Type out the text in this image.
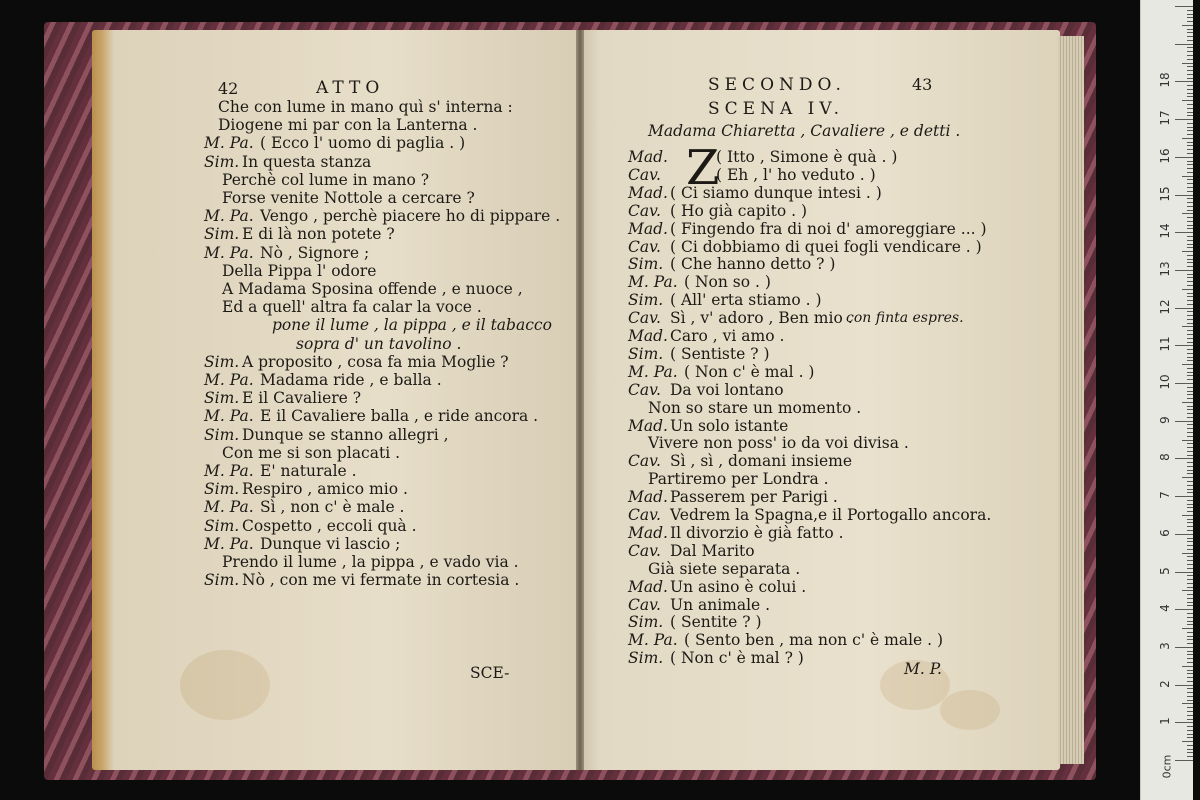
42	ATTO
Che con lume in mano quì s' interna :
Diogene mi par con la Lanterna .
M. Pa. ( Ecco l' uomo di paglia . )
Sim. In questa stanza
Perchè col lume in mano ?
Forse venite Nottole a cercare ?
M. Pa. Vengo , perchè piacere ho di pippare .
Sim. E di là non potete ?
M. Pa. Nò , Signore ;
Della Pippa l' odore
A Madama Sposina offende , e nuoce ,
Ed a quell' altra fa calar la voce .
pone il lume , la pippa , e il tabacco
sopra d' un tavolino .
Sim. A proposito , cosa fa mia Moglie ?
M. Pa. Madama ride , e balla .
Sim. E il Cavaliere ?
M. Pa. E il Cavaliere balla , e ride ancora .
Sim. Dunque se stanno allegri ,
Con me si son placati .
M. Pa. E' naturale .
Sim. Respiro , amico mio .
M. Pa. Sì , non c' è male .
Sim. Cospetto , eccoli quà .
M. Pa. Dunque vi lascio ;
Prendo il lume , la pippa , e vado via .
Sim. Nò , con me vi fermate in cortesia .
SCE-
SECONDO.	43
SCENA IV.
Madama Chiaretta , Cavaliere , e detti .
Z
Mad.	( Itto , Simone è quà . )
Cav.	( Eh , l' ho veduto . )
Mad. ( Ci siamo dunque intesi . )
Cav. ( Ho già capito . )
Mad. ( Fingendo fra di noi d' amoreggiare ... )
Cav. ( Ci dobbiamo di quei fogli vendicare . )
Sim. ( Che hanno detto ? )
M. Pa. ( Non so . )
Sim. ( All' erta stiamo . )
Cav. Sì , v' adoro , Ben mio .
con finta espres.
Mad. Caro , vi amo .
Sim. ( Sentiste ? )
M. Pa. ( Non c' è mal . )
Cav. Da voi lontano
Non so stare un momento .
Mad. Un solo istante
Vivere non poss' io da voi divisa .
Cav. Sì , sì , domani insieme
Partiremo per Londra .
Mad. Passerem per Parigi .
Cav. Vedrem la Spagna,e il Portogallo ancora.
Mad. Il divorzio è già fatto .
Cav. Dal Marito
Già siete separata .
Mad. Un asino è colui .
Cav. Un animale .
Sim. ( Sentite ? )
M. Pa. ( Sento ben , ma non c' è male . )
Sim. ( Non c' è mal ? )
M. P.
1
2
3
4
5
6
7
8
9
10
11
12
13
14
15
16
17
18
0cm
